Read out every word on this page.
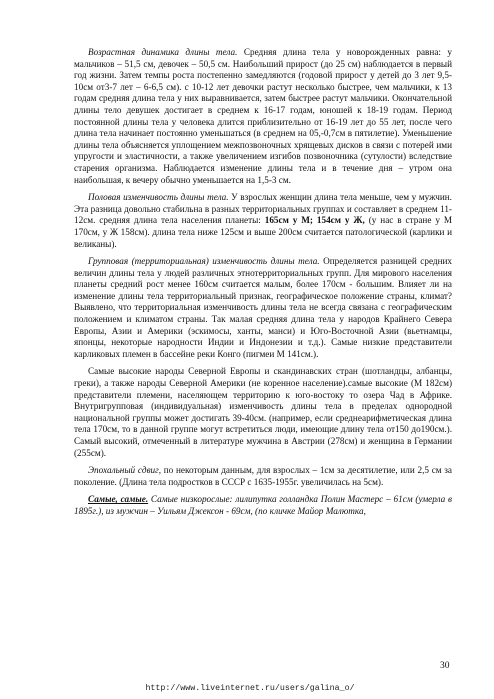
Возрастная динамика длины тела. Средняя длина тела у новорожденных равна: у мальчиков – 51,5 см, девочек – 50,5 см. Наибольший прирост (до 25 см) наблюдается в первый год жизни. Затем темпы роста постепенно замедляются (годовой прирост у детей до 3 лет 9,5-10см от3-7 лет – 6-6,5 см). с 10-12 лет девочки растут несколько быстрее, чем мальчики, к 13 годам средняя длина тела у них выравнивается, затем быстрее растут мальчики. Окончательной длины тело девушек достигает в среднем к 16-17 годам, юношей к 18-19 годам. Период постоянной длины тела у человека длится приблизительно от 16-19 лет до 55 лет, после чего длина тела начинает постоянно уменьшаться (в среднем на 05,-0,7см в пятилетие). Уменьшение длины тела объясняется уплощением межпозвоночных хрящевых дисков в связи с потерей ими упругости и эластичности, а также увеличением изгибов позвоночника (сутулости) вследствие старения организма. Наблюдается изменение длины тела и в течение дня – утром она наибольшая, к вечеру обычно уменьшается на 1,5-3 см.

Половая изменчивость длины тела. У взрослых женщин длина тела меньше, чем у мужчин. Эта разница довольно стабильна в разных территориальных группах и составляет в среднем 11-12см. средняя длина тела населения планеты: 165см у М; 154см у Ж, (у нас в стране у М 170см, у Ж 158см). длина тела ниже 125см и выше 200см считается патологической (карлики и великаны).

Групповая (территориальная) изменчивость длины тела. Определяется разницей средних величин длины тела у людей различных этнотерриториальных групп. Для мирового населения планеты средний рост менее 160см считается малым, более 170см - большим. Влияет ли на изменение длины тела территориальный признак, географическое положение страны, климат? Выявлено, что территориальная изменчивость длины тела не всегда связана с географическим положением и климатом страны. Так малая средняя длина тела у народов Крайнего Севера Европы, Азии и Америки (эскимосы, ханты, манси) и Юго-Восточной Азии (вьетнамцы, японцы, некоторые народности Индии и Индонезии и т.д.). Самые низкие представители карликовых племен в бассейне реки Конго (пигмеи М 141см.).

Самые высокие народы Северной Европы и скандинавских стран (шотландцы, албанцы, греки), а также народы Северной Америки (не коренное население).самые высокие (М 182см) представители племени, населяющем территорию к юго-востоку то озера Чад в Африке. Внутригрупповая (индивидуальная) изменчивость длины тела в пределах однородной национальной группы может достигать 39-40см. (например, если среднеарифметическая длина тела 170см, то в данной группе могут встретиться люди, имеющие длину тела от150 до190см.). Самый высокий, отмеченный в литературе мужчина в Австрии (278см) и женщина в Германии (255см).

Эпохальный сдвиг, по некоторым данным, для взрослых – 1см за десятилетие, или 2,5 см за поколение. (Длина тела подростков в СССР с 1635-1955г. увеличилась на 5см).

Самые, самые. Самые низкорослые: лилипутка голландка Полин Мастерс – 61см (умерла в 1895г.), из мужчин – Уильям Джексон - 69см, (по кличке Майор Малютка,

30
http://www.liveinternet.ru/users/galina_o/
